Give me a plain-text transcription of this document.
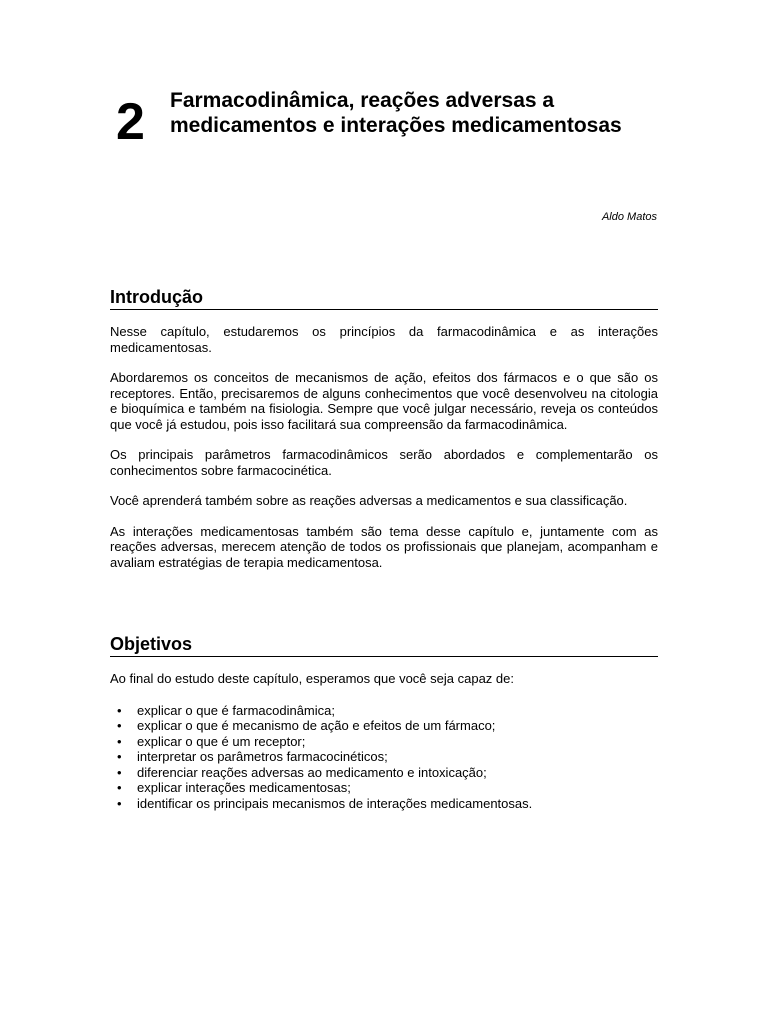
2 Farmacodinâmica, reações adversas a medicamentos e interações medicamentosas
Aldo Matos
Introdução

Nesse capítulo, estudaremos os princípios da farmacodinâmica e as interações medicamentosas.

Abordaremos os conceitos de mecanismos de ação, efeitos dos fármacos e o que são os receptores. Então, precisaremos de alguns conhecimentos que você desenvolveu na citologia e bioquímica e também na fisiologia. Sempre que você julgar necessário, reveja os conteúdos que você já estudou, pois isso facilitará sua compreensão da farmacodinâmica.

Os principais parâmetros farmacodinâmicos serão abordados e complementarão os conhecimentos sobre farmacocinética.

Você aprenderá também sobre as reações adversas a medicamentos e sua classificação.

As interações medicamentosas também são tema desse capítulo e, juntamente com as reações adversas, merecem atenção de todos os profissionais que planejam, acompanham e avaliam estratégias de terapia medicamentosa.

Objetivos

Ao final do estudo deste capítulo, esperamos que você seja capaz de:

• explicar o que é farmacodinâmica;
• explicar o que é mecanismo de ação e efeitos de um fármaco;
• explicar o que é um receptor;
• interpretar os parâmetros farmacocinéticos;
• diferenciar reações adversas ao medicamento e intoxicação;
• explicar interações medicamentosas;
• identificar os principais mecanismos de interações medicamentosas.
